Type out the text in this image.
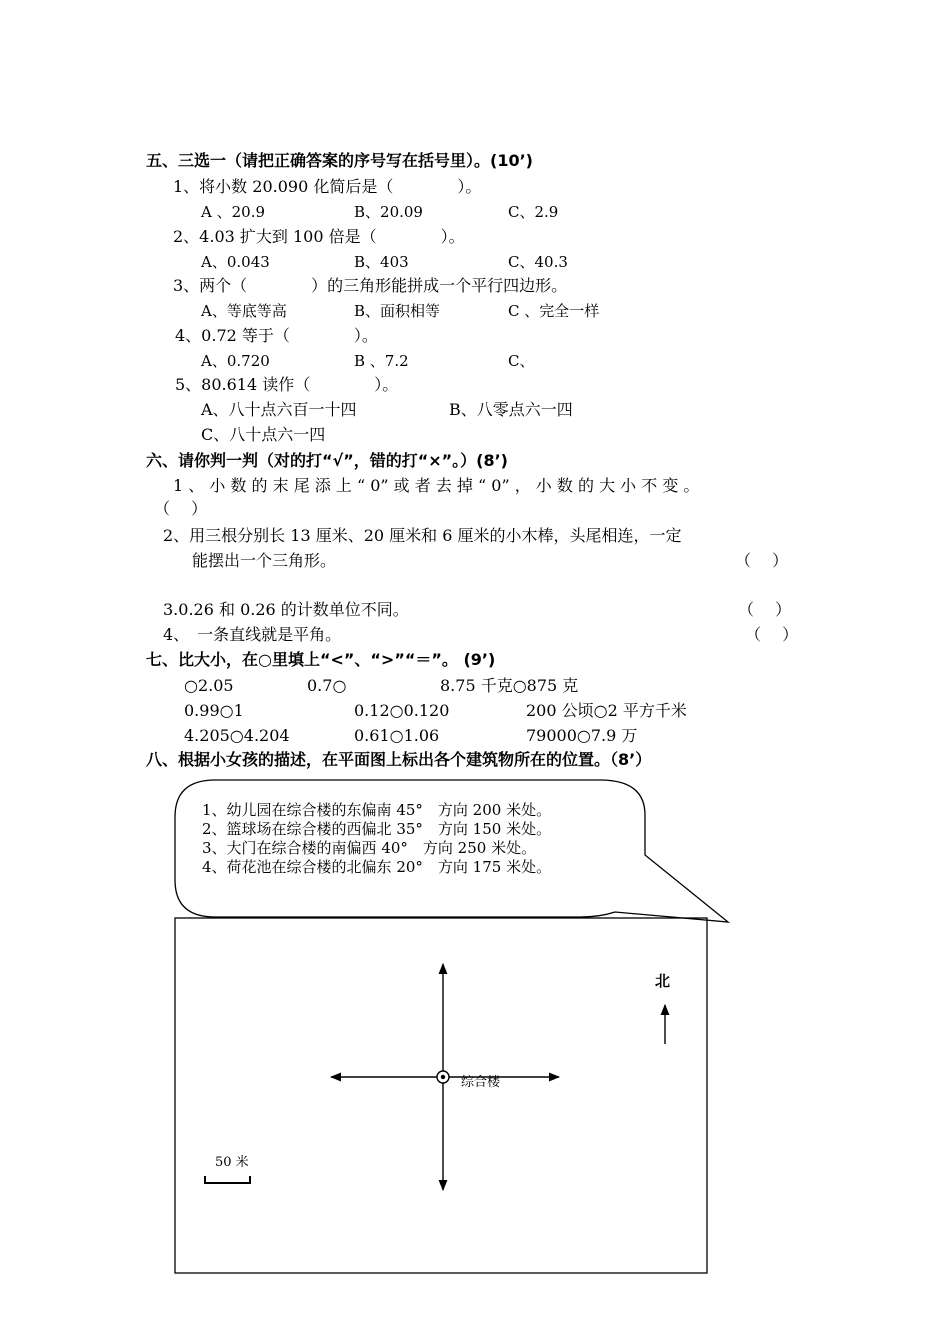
五、三选一（请把正确答案的序号写在括号里）。(10’)
1、将小数 20.090 化简后是（　　　　）。
A 、20.9	B、20.09	C、2.9
2、4.03 扩大到 100 倍是（　　　　）。
A、0.043	B、403	C、40.3
3、两个（　　　　）的三角形能拼成一个平行四边形。
A、等底等高	B、面积相等	C 、完全一样
4、0.72 等于（　　　　）。
A、0.720	B 、7.2	C、
5、80.614 读作（　　　　）。
A、八十点六百一十四	B、八零点六一四
C、八十点六一四
六、请你判一判（对的打“√”，错的打“×”。）(8’)
1 、 小 数 的 末 尾 添 上 “ 0” 或 者 去 掉 “ 0” ， 小 数 的 大 小 不 变 。
（　 ）
2、用三根分别长 13 厘米、20 厘米和 6 厘米的小木棒，头尾相连，一定
能摆出一个三角形。	（　 ）
3.0.26 和 0.26 的计数单位不同。	（　 ）
4、　一条直线就是平角。	（　 ）
七、比大小，在○里填上“<”、“>”“＝”。 (9’)
○2.05	0.7○	8.75 千克○875 克
0.99○1	0.12○0.120	200 公顷○2 平方千米
4.205○4.204	0.61○1.06	79000○7.9 万
八、根据小女孩的描述，在平面图上标出各个建筑物所在的位置。（8’）
1、幼儿园在综合楼的东偏南 45°　方向 200 米处。
2、篮球场在综合楼的西偏北 35°　方向 150 米处。
3、大门在综合楼的南偏西 40°　方向 250 米处。
4、荷花池在综合楼的北偏东 20°　方向 175 米处。
综合楼
北
50 米
